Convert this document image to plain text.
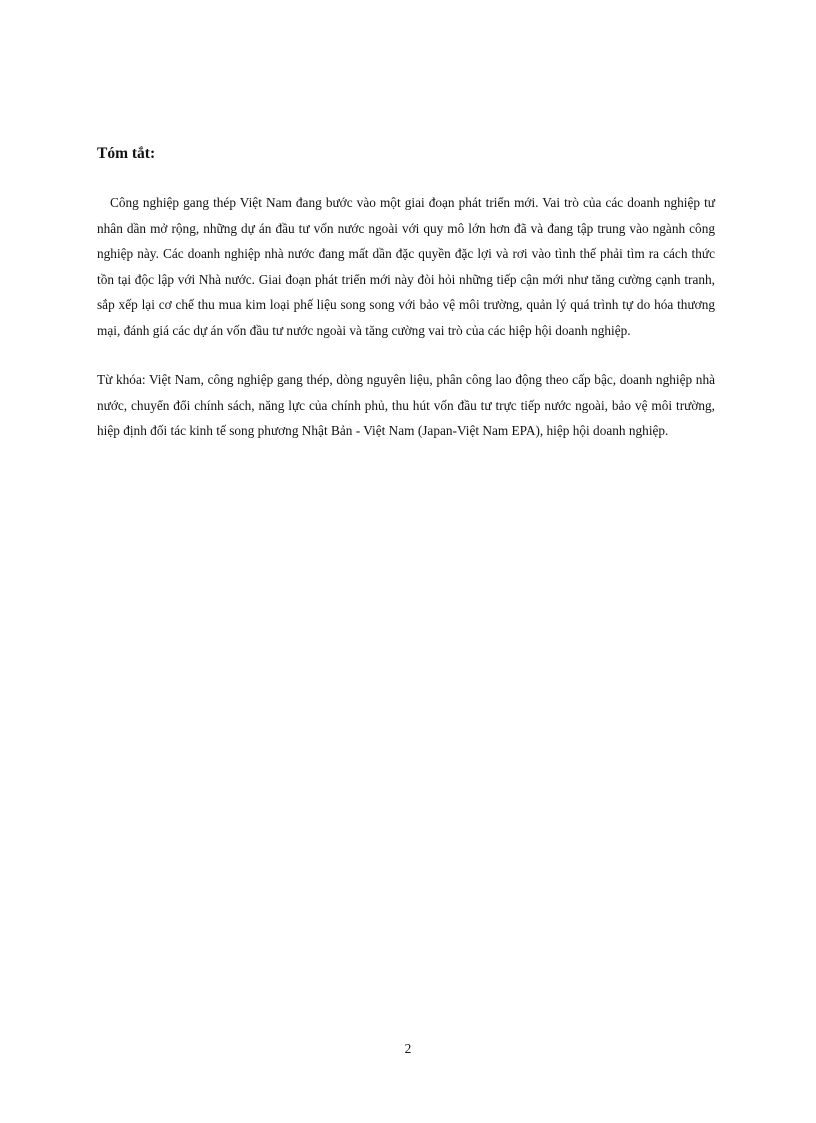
Tóm tắt:

Công nghiệp gang thép Việt Nam đang bước vào một giai đoạn phát triển mới. Vai trò của các doanh nghiệp tư nhân dần mở rộng, những dự án đầu tư vốn nước ngoài với quy mô lớn hơn đã và đang tập trung vào ngành công nghiệp này. Các doanh nghiệp nhà nước đang mất dần đặc quyền đặc lợi và rơi vào tình thế phải tìm ra cách thức tồn tại độc lập với Nhà nước. Giai đoạn phát triển mới này đòi hỏi những tiếp cận mới như tăng cường cạnh tranh, sắp xếp lại cơ chế thu mua kim loại phế liệu song song với bảo vệ môi trường, quản lý quá trình tự do hóa thương mại, đánh giá các dự án vốn đầu tư nước ngoài và tăng cường vai trò của các hiệp hội doanh nghiệp.

Từ khóa: Việt Nam, công nghiệp gang thép, dòng nguyên liệu, phân công lao động theo cấp bậc, doanh nghiệp nhà nước, chuyển đổi chính sách, năng lực của chính phủ, thu hút vốn đầu tư trực tiếp nước ngoài, bảo vệ môi trường, hiệp định đối tác kinh tế song phương Nhật Bản - Việt Nam (Japan-Việt Nam EPA), hiệp hội doanh nghiệp.

2
